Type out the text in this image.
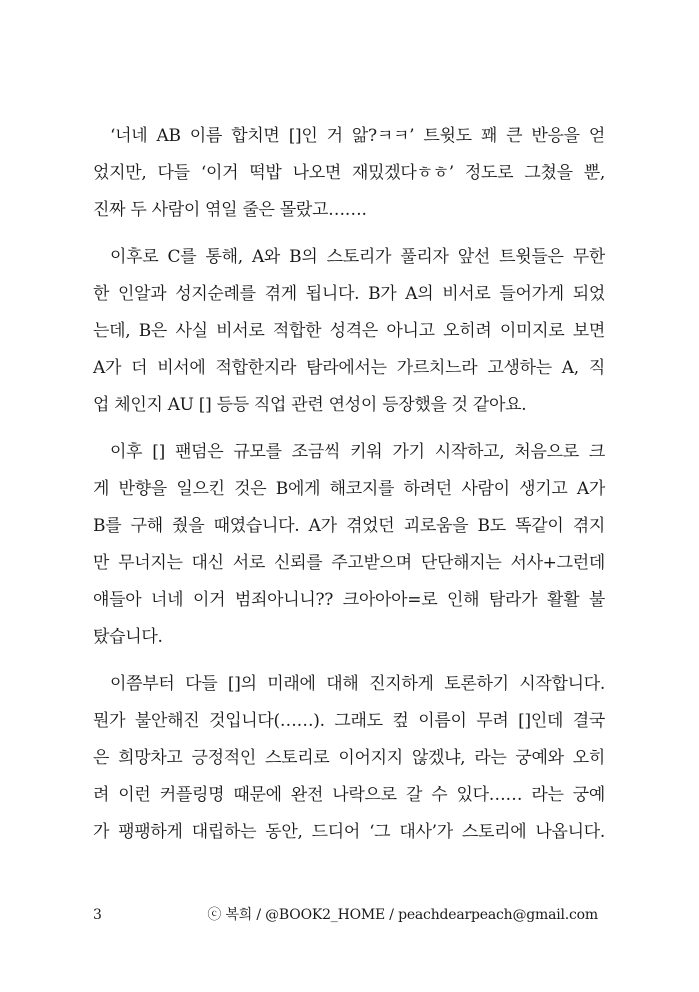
‘너네 AB 이름 합치면 []인 거 앎?ㅋㅋ’ 트윗도 꽤 큰 반응을 얻
었지만, 다들 ‘이거 떡밥 나오면 재밌겠다ㅎㅎ’ 정도로 그쳤을 뿐,
진짜 두 사람이 엮일 줄은 몰랐고…….
이후로 C를 통해, A와 B의 스토리가 풀리자 앞선 트윗들은 무한
한 인알과 성지순례를 겪게 됩니다. B가 A의 비서로 들어가게 되었
는데, B은 사실 비서로 적합한 성격은 아니고 오히려 이미지로 보면
A가 더 비서에 적합한지라 탐라에서는 가르치느라 고생하는 A, 직
업 체인지 AU [] 등등 직업 관련 연성이 등장했을 것 같아요.
이후 [] 팬덤은 규모를 조금씩 키워 가기 시작하고, 처음으로 크
게 반향을 일으킨 것은 B에게 해코지를 하려던 사람이 생기고 A가
B를 구해 줬을 때였습니다. A가 겪었던 괴로움을 B도 똑같이 겪지
만 무너지는 대신 서로 신뢰를 주고받으며 단단해지는 서사+그런데
얘들아 너네 이거 범죄아니니?? 크아아아=로 인해 탐라가 활활 불
탔습니다.
이쯤부터 다들 []의 미래에 대해 진지하게 토론하기 시작합니다.
뭔가 불안해진 것입니다(……). 그래도 컾 이름이 무려 []인데 결국
은 희망차고 긍정적인 스토리로 이어지지 않겠냐, 라는 궁예와 오히
려 이런 커플링명 때문에 완전 나락으로 갈 수 있다…… 라는 궁예
가 팽팽하게 대립하는 동안, 드디어 ‘그 대사’가 스토리에 나옵니다.
3	ⓒ 복희 / @BOOK2_HOME / peachdearpeach@gmail.com
